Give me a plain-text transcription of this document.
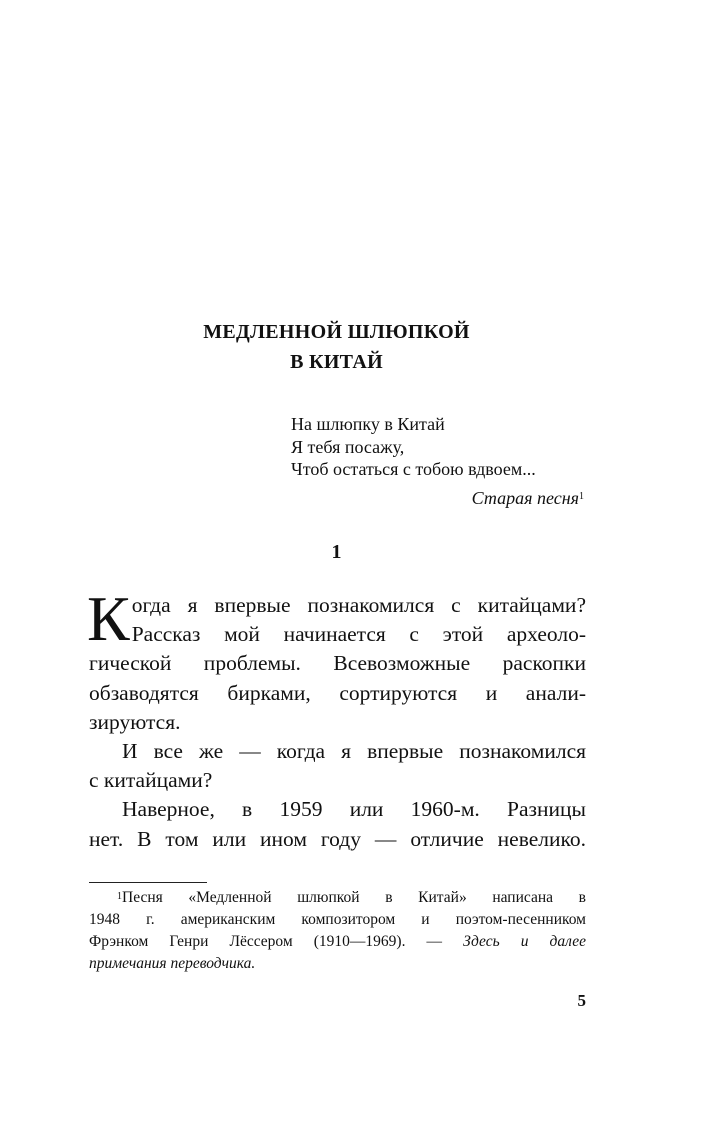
МЕДЛЕННОЙ ШЛЮПКОЙ
В КИТАЙ
На шлюпку в Китай
Я тебя посажу,
Чтоб остаться с тобою вдвоем...
Старая песня$^1$
1
К огда я впервые познакомился с китайцами?
Рассказ мой начинается с этой археоло-
гической проблемы. Всевозможные раскопки
обзаводятся бирками, сортируются и анали-
зируются.
И все же — когда я впервые познакомился
с китайцами?
Наверное, в 1959 или 1960-м. Разницы
нет. В том или ином году — отличие невелико.
$^1$Песня «Медленной шлюпкой в Китай» написана в
1948 г. американским композитором и поэтом-песенником
Фрэнком Генри Лёссером (1910—1969). — Здесь и далее
примечания переводчика.
5
